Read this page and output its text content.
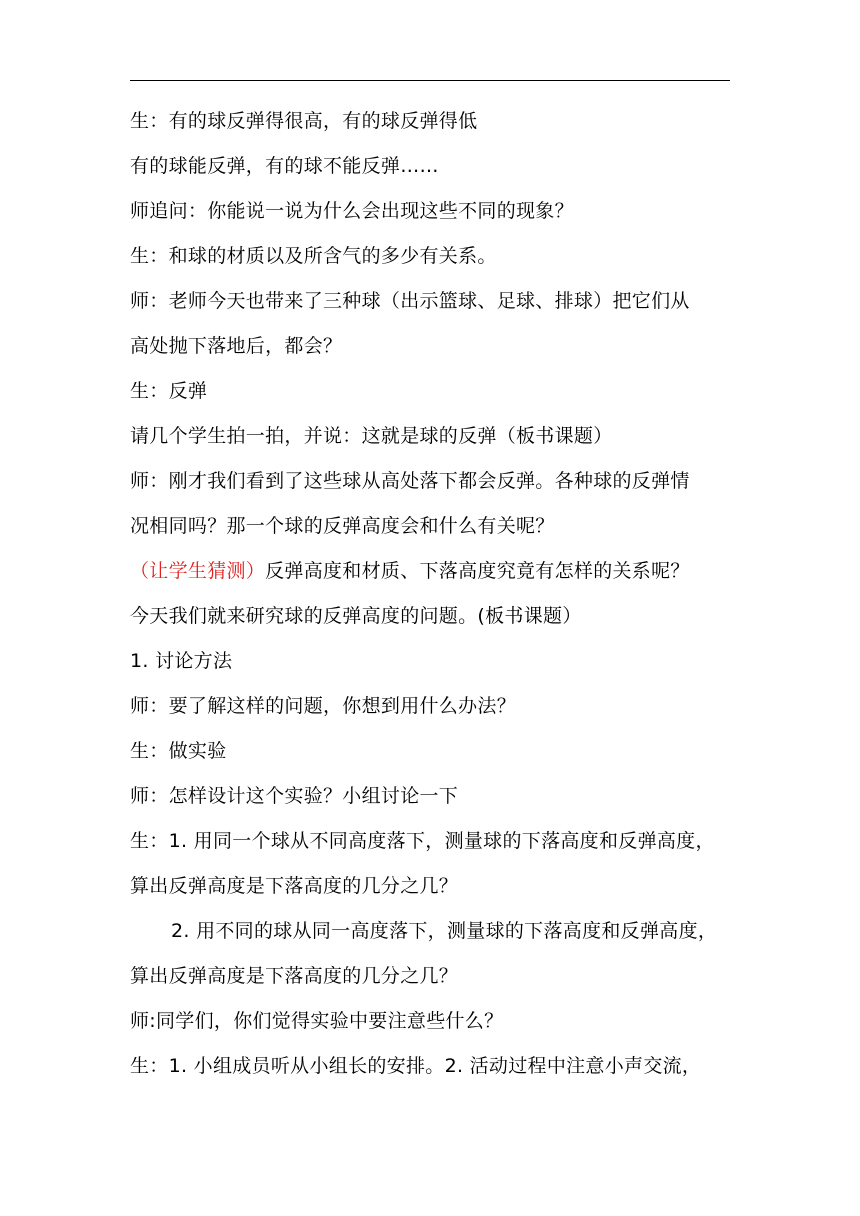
生：有的球反弹得很高，有的球反弹得低

有的球能反弹，有的球不能反弹……

师追问：你能说一说为什么会出现这些不同的现象？

生：和球的材质以及所含气的多少有关系。

师：老师今天也带来了三种球（出示篮球、足球、排球）把它们从

高处抛下落地后，都会？

生：反弹

请几个学生拍一拍，并说：这就是球的反弹（板书课题）

师：刚才我们看到了这些球从高处落下都会反弹。各种球的反弹情

况相同吗？那一个球的反弹高度会和什么有关呢？

（让学生猜测）反弹高度和材质、下落高度究竟有怎样的关系呢？

今天我们就来研究球的反弹高度的问题。(板书课题）

1. 讨论方法

师：要了解这样的问题，你想到用什么办法？

生：做实验

师：怎样设计这个实验？小组讨论一下

生：1. 用同一个球从不同高度落下，测量球的下落高度和反弹高度，

算出反弹高度是下落高度的几分之几？

2. 用不同的球从同一高度落下，测量球的下落高度和反弹高度，

算出反弹高度是下落高度的几分之几？

师:同学们，你们觉得实验中要注意些什么？

生：1. 小组成员听从小组长的安排。2. 活动过程中注意小声交流，
